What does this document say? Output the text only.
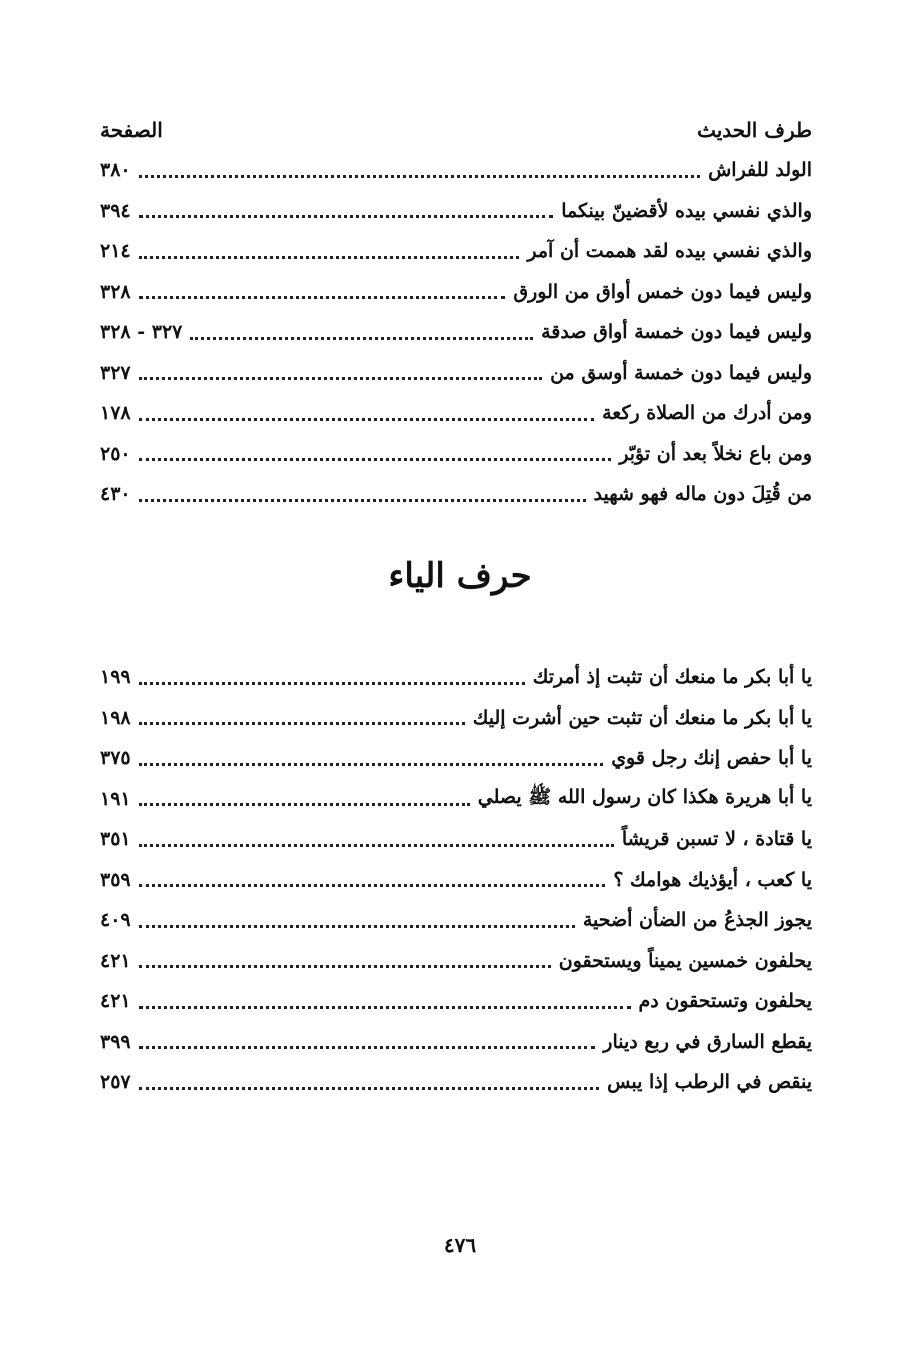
طرف الحديث
الصفحة
الولد للفراش
٣٨٠
والذي نفسي بيده لأقضينّ بينكما
٣٩٤
والذي نفسي بيده لقد هممت أن آمر
٢١٤
وليس فيما دون خمس أواق من الورق
٣٢٨
وليس فيما دون خمسة أواق صدقة
٣٢٧ - ٣٢٨
وليس فيما دون خمسة أوسق من
٣٢٧
ومن أدرك من الصلاة ركعة
١٧٨
ومن باع نخلاً بعد أن تؤبّر
٢٥٠
من قُتِلَ دون ماله فهو شهيد
٤٣٠
حرف الياء
يا أبا بكر ما منعك أن تثبت إذ أمرتك
١٩٩
يا أبا بكر ما منعك أن تثبت حين أشرت إليك
١٩٨
يا أبا حفص إنك رجل قوي
٣٧٥
يا أبا هريرة هكذا كان رسول الله ﷺ يصلي
١٩١
يا قتادة ، لا تسبن قريشاً
٣٥١
يا كعب ، أيؤذيك هوامك ؟
٣٥٩
يجوز الجذعُ من الضأن أضحية
٤٠٩
يحلفون خمسين يميناً ويستحقون
٤٢١
يحلفون وتستحقون دم
٤٢١
يقطع السارق في ربع دينار
٣٩٩
ينقص في الرطب إذا يبس
٢٥٧
٤٧٦
